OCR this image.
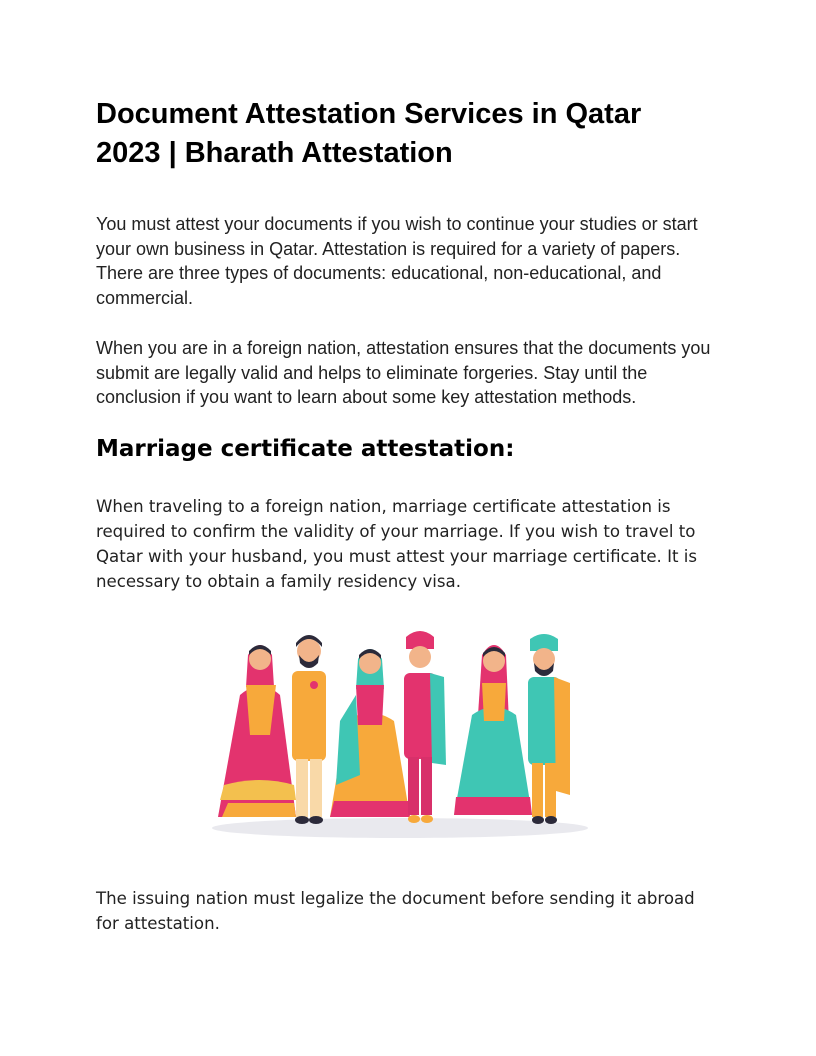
Document Attestation Services in Qatar 2023 | Bharath Attestation

You must attest your documents if you wish to continue your studies or start your own business in Qatar. Attestation is required for a variety of papers. There are three types of documents: educational, non-educational, and commercial.

When you are in a foreign nation, attestation ensures that the documents you submit are legally valid and helps to eliminate forgeries. Stay until the conclusion if you want to learn about some key attestation methods.

Marriage certificate attestation:

When traveling to a foreign nation, marriage certificate attestation is required to confirm the validity of your marriage. If you wish to travel to Qatar with your husband, you must attest your marriage certificate. It is necessary to obtain a family residency visa.

The issuing nation must legalize the document before sending it abroad for attestation.
